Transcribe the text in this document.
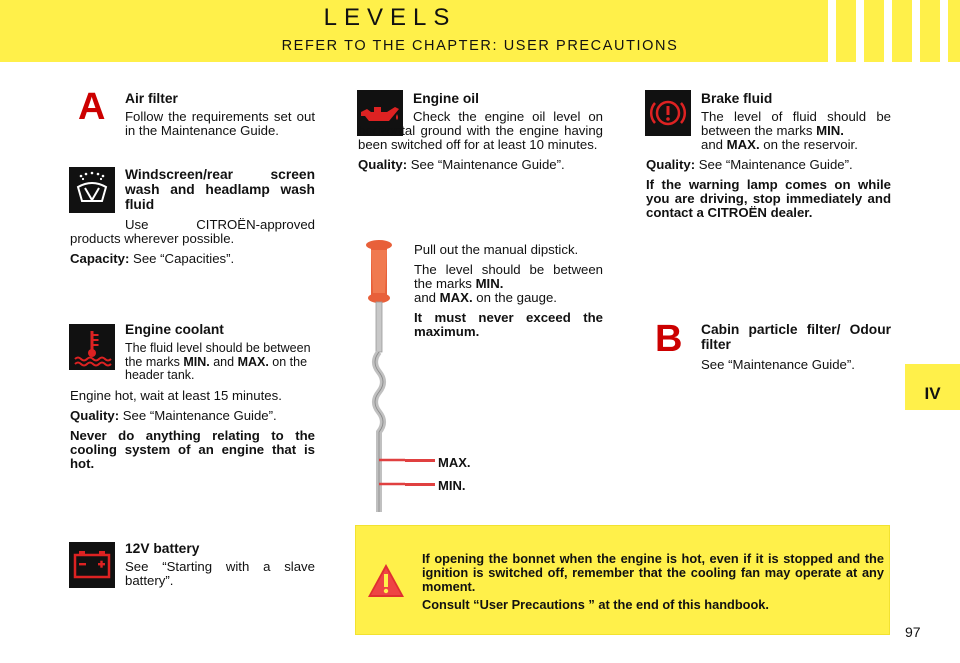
LEVELS
REFER TO THE CHAPTER: USER PRECAUTIONS
IV
A Air filter

Follow the requirements set out in the Maintenance Guide.

Windscreen/rear screen wash and headlamp wash fluid

Use CITROËN-approved products wherever possible.

Capacity: See “Capacities”.

Engine coolant

The fluid level should be between the marks MIN. and MAX. on the header tank.

Engine hot, wait at least 15 minutes.

Quality: See “Maintenance Guide”.

Never do anything relating to the cooling system of an engine that is hot.

12V battery

See “Starting with a slave battery”.

Engine oil

Check the engine oil level on horizontal ground with the engine having been switched off for at least 10 minutes.

Quality: See “Maintenance Guide”.

MAX.
MIN.

Pull out the manual dipstick.

The level should be between the marks MIN.
and MAX. on the gauge.

It must never exceed the maximum.

Brake fluid

The level of fluid should be between the marks MIN.
and MAX. on the reservoir.

Quality: See “Maintenance Guide”.

If the warning lamp comes on while you are driving, stop immediately and contact a CITROËN dealer.

B Cabin particle filter/ Odour filter

See “Maintenance Guide”.

If opening the bonnet when the engine is hot, even if it is stopped and the ignition is switched off, remember that the cooling fan may operate at any moment.

Consult “User Precautions ” at the end of this handbook.

97
